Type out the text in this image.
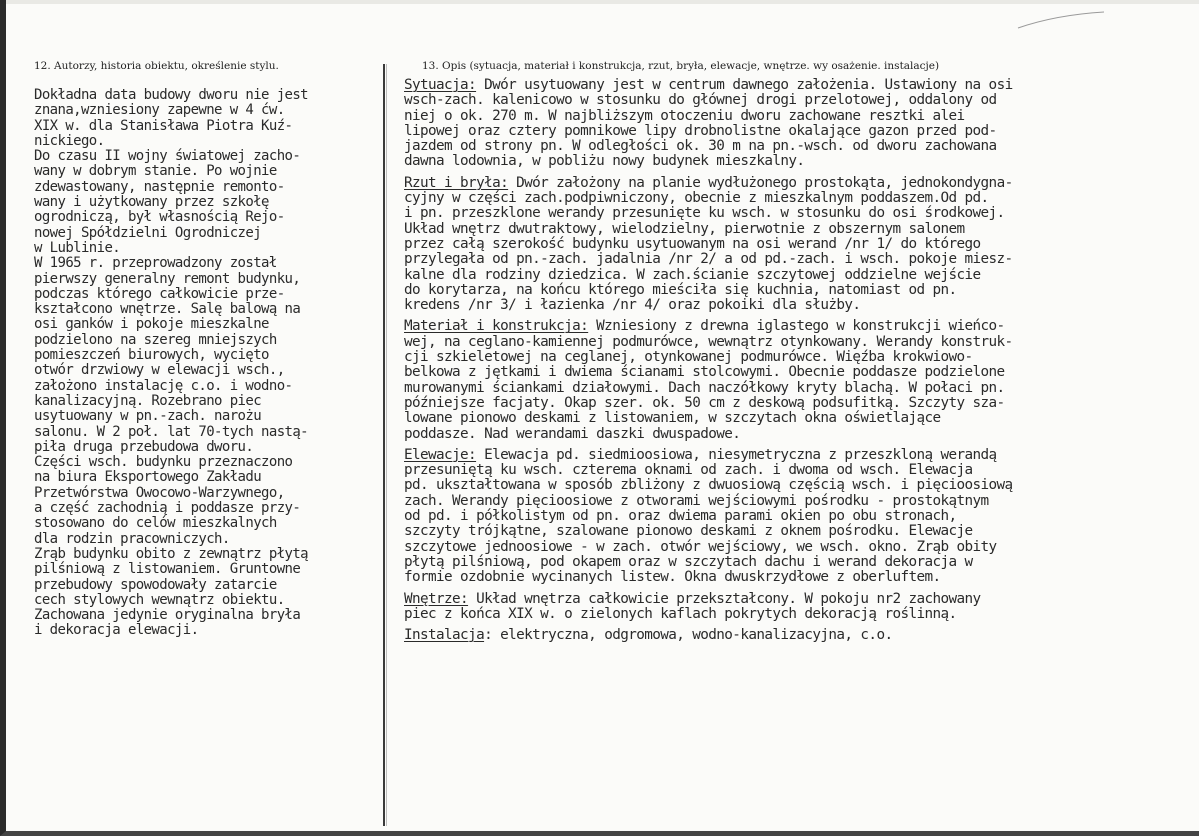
12. Autorzy, historia obiektu, określenie stylu.	13. Opis (sytuacja, materiał i konstrukcja, rzut, bryła, elewacje, wnętrze. wy osażenie. instalacje)
Dokładna data budowy dworu nie jest
znana,wzniesiony zapewne w 4 ćw.
XIX w. dla Stanisława Piotra Kuź-
nickiego.
Do czasu II wojny światowej zacho-
wany w dobrym stanie. Po wojnie
zdewastowany, następnie remonto-
wany i użytkowany przez szkołę
ogrodniczą, był własnością Rejo-
nowej Spółdzielni Ogrodniczej
w Lublinie.
W 1965 r. przeprowadzony został
pierwszy generalny remont budynku,
podczas którego całkowicie prze-
kształcono wnętrze. Salę balową na
osi ganków i pokoje mieszkalne
podzielono na szereg mniejszych
pomieszczeń biurowych, wycięto
otwór drzwiowy w elewacji wsch.,
założono instalację c.o. i wodno-
kanalizacyjną. Rozebrano piec
usytuowany w pn.-zach. narożu
salonu. W 2 poł. lat 70-tych nastą-
piła druga przebudowa dworu.
Części wsch. budynku przeznaczono
na biura Eksportowego Zakładu
Przetwórstwa Owocowo-Warzywnego,
a część zachodnią i poddasze przy-
stosowano do celów mieszkalnych
dla rodzin pracowniczych.
Zrąb budynku obito z zewnątrz płytą
pilśniową z listowaniem. Gruntowne
przebudowy spowodowały zatarcie
cech stylowych wewnątrz obiektu.
Zachowana jedynie oryginalna bryła
i dekoracja elewacji.
Sytuacja: Dwór usytuowany jest w centrum dawnego założenia. Ustawiony na osi
wsch-zach. kalenicowo w stosunku do głównej drogi przelotowej, oddalony od
niej o ok. 270 m. W najbliższym otoczeniu dworu zachowane resztki alei
lipowej oraz cztery pomnikowe lipy drobnolistne okalające gazon przed pod-
jazdem od strony pn. W odległości ok. 30 m na pn.-wsch. od dworu zachowana
dawna lodownia, w pobliżu nowy budynek mieszkalny.
Rzut i bryła: Dwór założony na planie wydłużonego prostokąta, jednokondygna-
cyjny w części zach.podpiwniczony, obecnie z mieszkalnym poddaszem.Od pd.
i pn. przeszklone werandy przesunięte ku wsch. w stosunku do osi środkowej.
Układ wnętrz dwutraktowy, wielodzielny, pierwotnie z obszernym salonem
przez całą szerokość budynku usytuowanym na osi werand /nr 1/ do którego
przylegała od pn.-zach. jadalnia /nr 2/ a od pd.-zach. i wsch. pokoje miesz-
kalne dla rodziny dziedzica. W zach.ścianie szczytowej oddzielne wejście
do korytarza, na końcu którego mieściła się kuchnia, natomiast od pn.
kredens /nr 3/ i łazienka /nr 4/ oraz pokoiki dla służby.
Materiał i konstrukcja: Wzniesiony z drewna iglastego w konstrukcji wieńco-
wej, na ceglano-kamiennej podmurówce, wewnątrz otynkowany. Werandy konstruk-
cji szkieletowej na ceglanej, otynkowanej podmurówce. Więźba krokwiowo-
belkowa z jętkami i dwiema ścianami stolcowymi. Obecnie poddasze podzielone
murowanymi ściankami działowymi. Dach naczółkowy kryty blachą. W połaci pn.
późniejsze facjaty. Okap szer. ok. 50 cm z deskową podsufitką. Szczyty sza-
lowane pionowo deskami z listowaniem, w szczytach okna oświetlające
poddasze. Nad werandami daszki dwuspadowe.
Elewacje: Elewacja pd. siedmioosiowa, niesymetryczna z przeszkloną werandą
przesuniętą ku wsch. czterema oknami od zach. i dwoma od wsch. Elewacja
pd. ukształtowana w sposób zbliżony z dwuosiową częścią wsch. i pięcioosiową
zach. Werandy pięcioosiowe z otworami wejściowymi pośrodku - prostokątnym
od pd. i półkolistym od pn. oraz dwiema parami okien po obu stronach,
szczyty trójkątne, szalowane pionowo deskami z oknem pośrodku. Elewacje
szczytowe jednoosiowe - w zach. otwór wejściowy, we wsch. okno. Zrąb obity
płytą pilśniową, pod okapem oraz w szczytach dachu i werand dekoracja w
formie ozdobnie wycinanych listew. Okna dwuskrzydłowe z oberluftem.
Wnętrze: Układ wnętrza całkowicie przekształcony. W pokoju nr2 zachowany
piec z końca XIX w. o zielonych kaflach pokrytych dekoracją roślinną.
Instalacja: elektryczna, odgromowa, wodno-kanalizacyjna, c.o.
